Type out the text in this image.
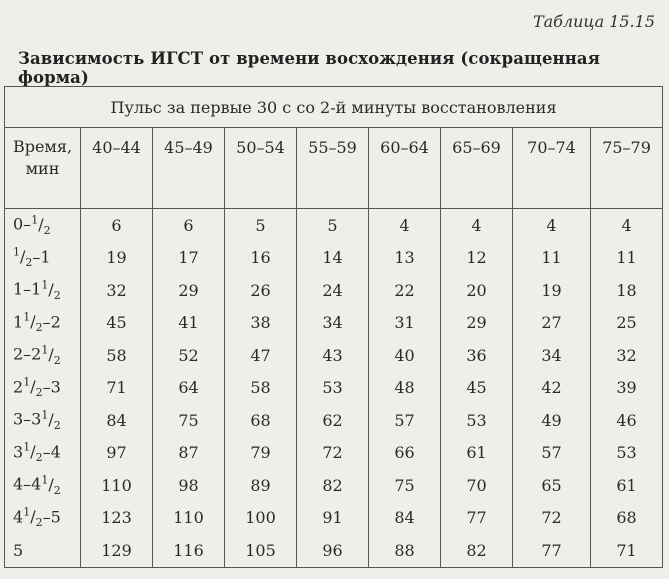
Таблица 15.15
Зависимость ИГСТ от времени восхождения (сокращенная форма)
Пульс за первые 30 с со 2-й минуты восстановления								
Время,
мин	40–44	45–49	50–54	55–59	60–64	65–69	70–74	75–79
$0-^1/_2$	6	6	5	5	4	4	4	4
$^1/_2-1$	19	17	16	14	13	12	11	11
$1-1^1/_2$	32	29	26	24	22	20	19	18
$1^1/_2-2$	45	41	38	34	31	29	27	25
$2-2^1/_2$	58	52	47	43	40	36	34	32
$2^1/_2-3$	71	64	58	53	48	45	42	39
$3-3^1/_2$	84	75	68	62	57	53	49	46
$3^1/_2-4$	97	87	79	72	66	61	57	53
$4-4^1/_2$	110	98	89	82	75	70	65	61
$4^1/_2-5$	123	110	100	91	84	77	72	68
5	129	116	105	96	88	82	77	71
